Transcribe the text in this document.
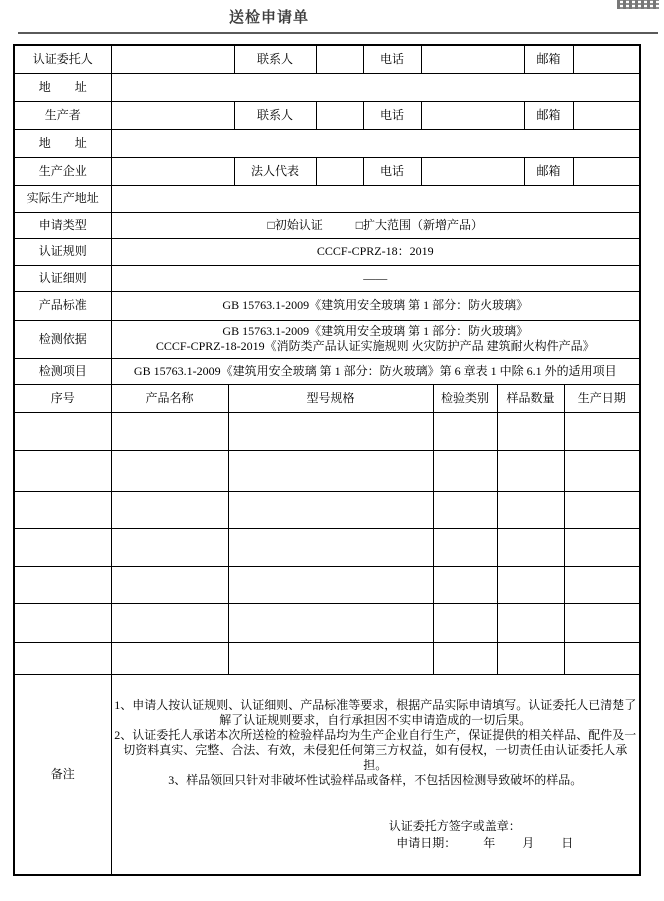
送检申请单
认证委托人			联系人		电话				邮箱		
地　　址											
生产者			联系人		电话				邮箱		
地　　址											
生产企业			法人代表		电话				邮箱		
实际生产地址											
申请类型	□初始认证 □扩大范围（新增产品）										
认证规则	CCCF-CPRZ-18：2019										
认证细则	——										
产品标准	GB 15763.1-2009《建筑用安全玻璃 第 1 部分：防火玻璃》										
检测依据	GB 15763.1-2009《建筑用安全玻璃 第 1 部分：防火玻璃》
CCCF-CPRZ-18-2019《消防类产品认证实施规则 火灾防护产品 建筑耐火构件产品》										

检测项目	GB 15763.1-2009《建筑用安全玻璃 第 1 部分：防火玻璃》第 6 章表 1 中除 6.1 外的适用项目										
序号	产品名称	型号规格					检验类别	样品数量		生产日期	

备注	1、申请人按认证规则、认证细则、产品标准等要求，根据产品实际申请填写。认证委托人已清楚了解了认证规则要求，自行承担因不实申请造成的一切后果。

2、认证委托人承诺本次所送检的检验样品均为生产企业自行生产，保证提供的相关样品、配件及一切资料真实、完整、合法、有效，未侵犯任何第三方权益，如有侵权，一切责任由认证委托人承担。

3、样品领回只针对非破坏性试验样品或备样，不包括因检测导致破坏的样品。

认证委托方签字或盖章：
申请日期： 年 月 日										
